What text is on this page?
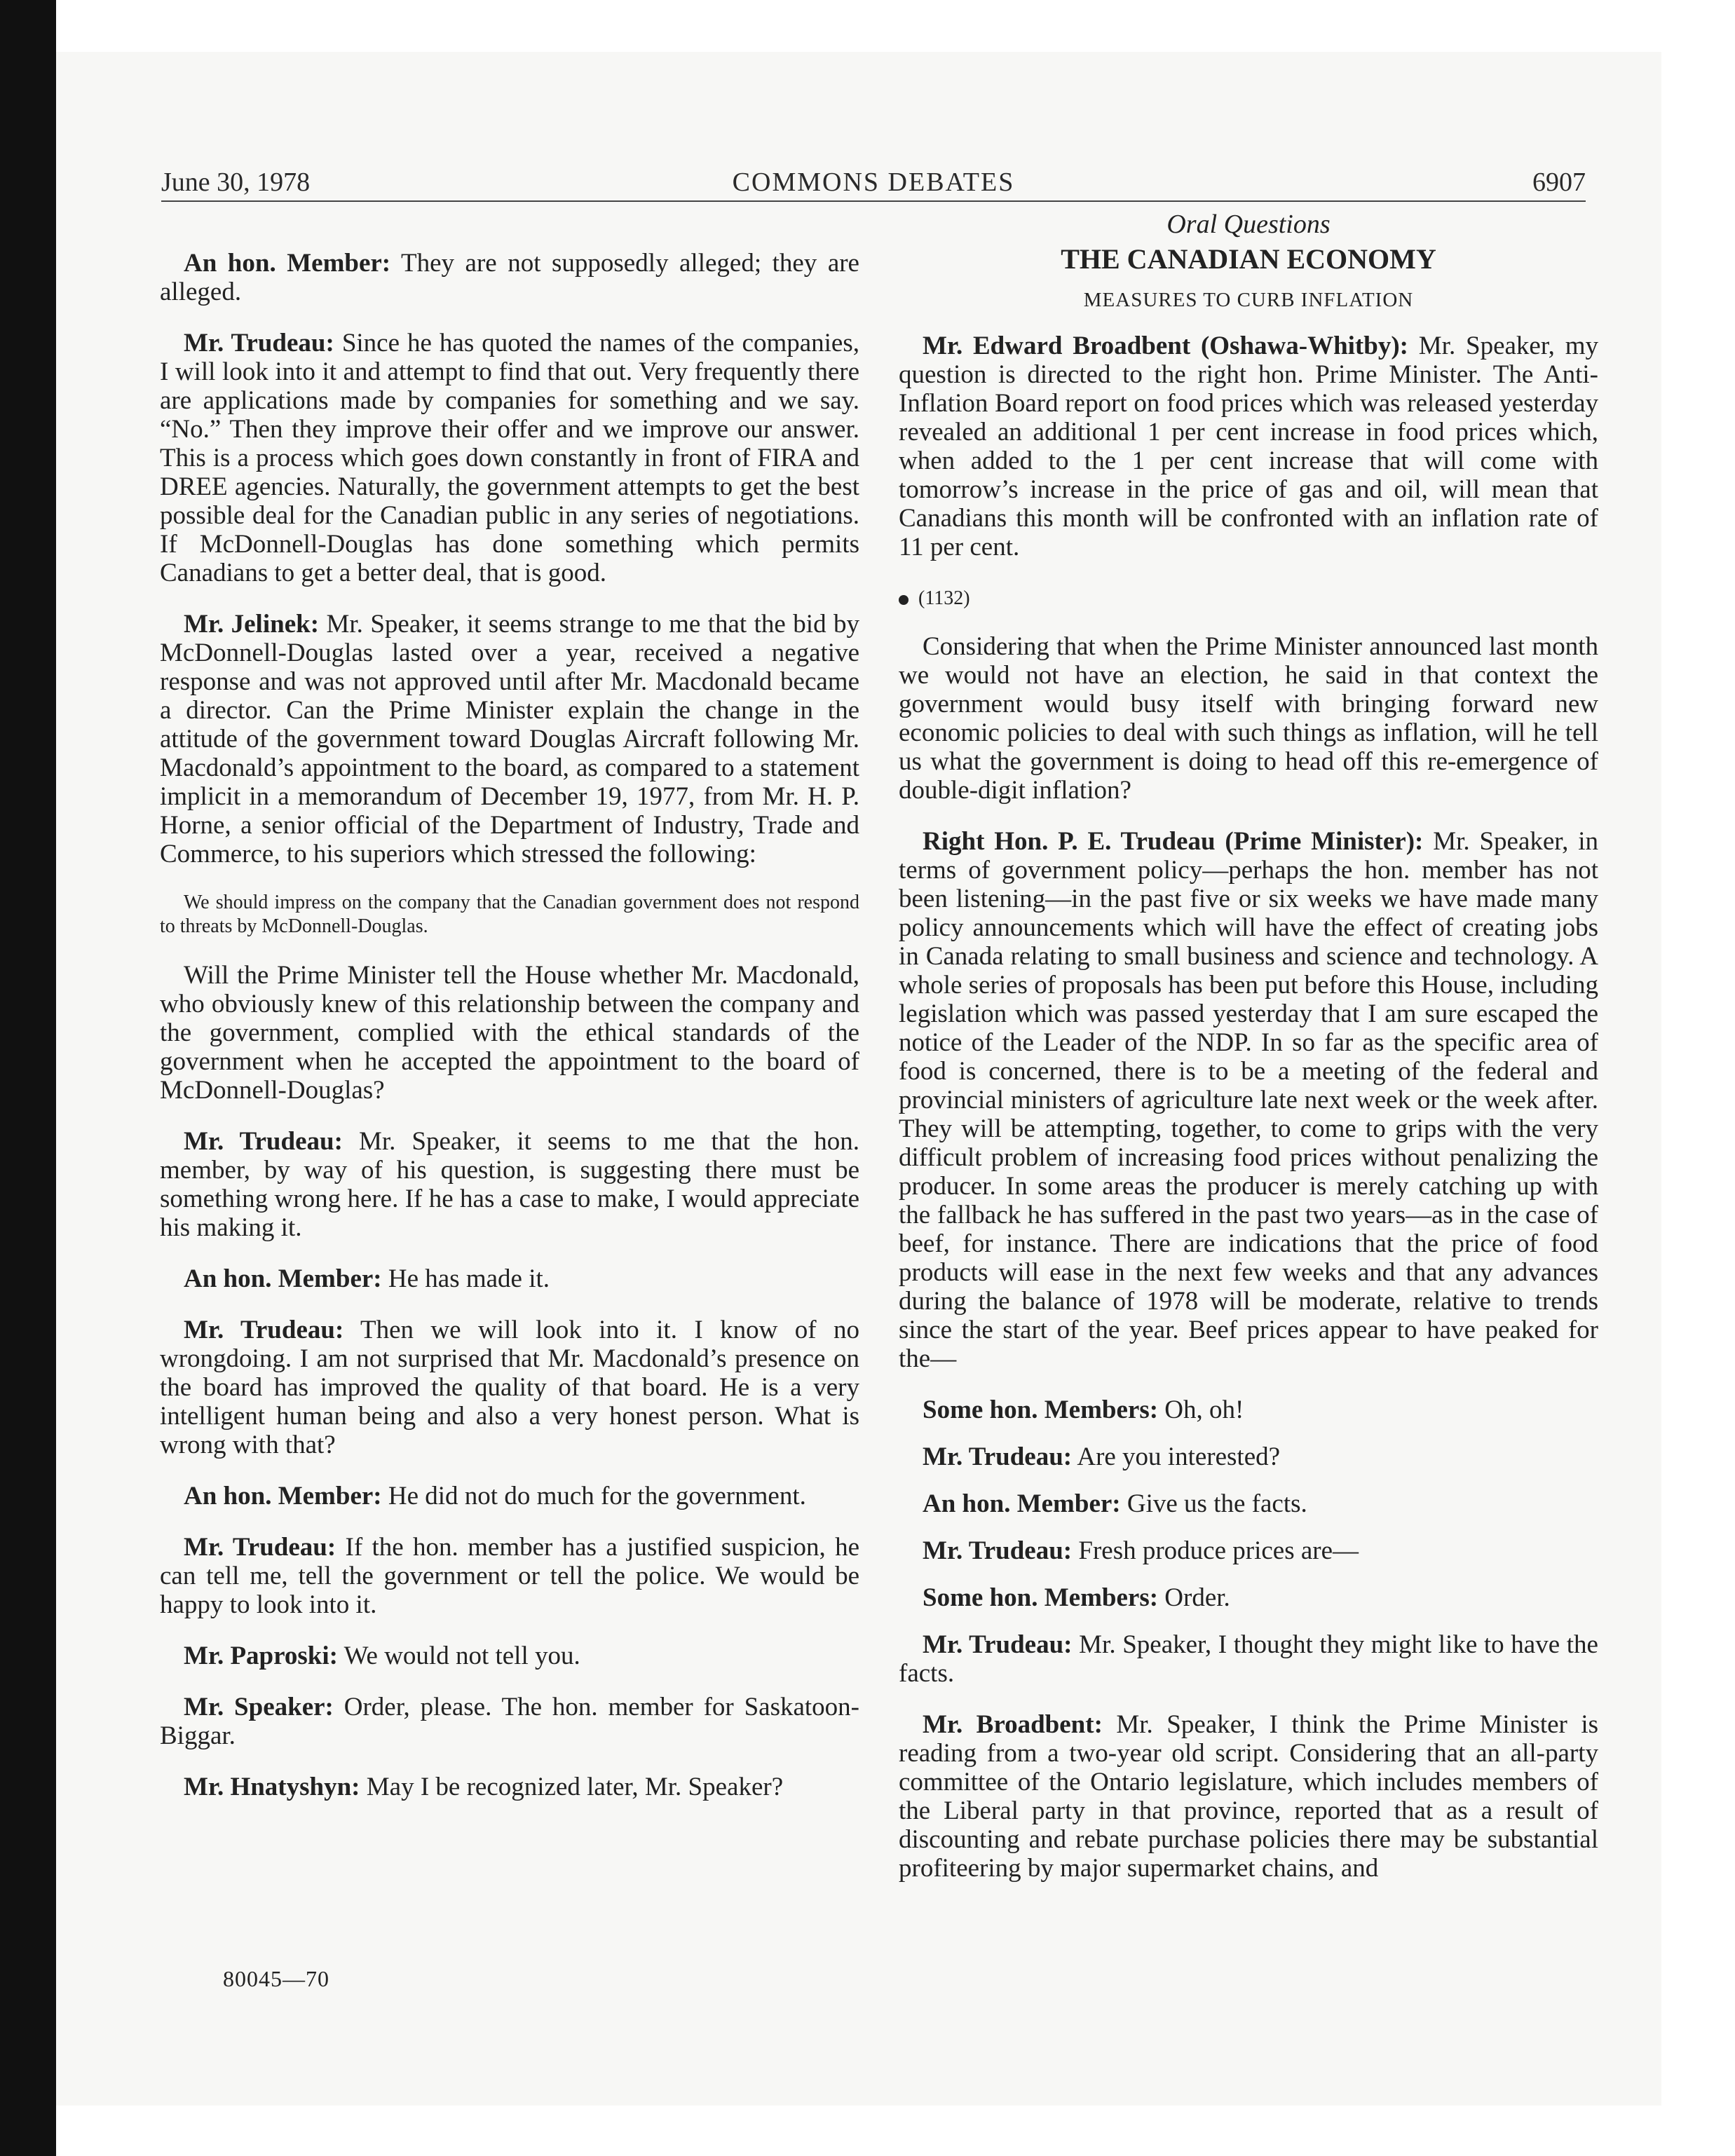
June 30, 1978	COMMONS DEBATES	6907

An hon. Member: They are not supposedly alleged; they are alleged.

Mr. Trudeau: Since he has quoted the names of the companies, I will look into it and attempt to find that out. Very frequently there are applications made by companies for something and we say. “No.” Then they improve their offer and we improve our answer. This is a process which goes down constantly in front of FIRA and DREE agencies. Naturally, the government attempts to get the best possible deal for the Canadian public in any series of negotiations. If McDonnell-Douglas has done something which permits Canadians to get a better deal, that is good.

Mr. Jelinek: Mr. Speaker, it seems strange to me that the bid by McDonnell-Douglas lasted over a year, received a negative response and was not approved until after Mr. Macdonald became a director. Can the Prime Minister explain the change in the attitude of the government toward Douglas Aircraft following Mr. Macdonald’s appointment to the board, as compared to a statement implicit in a memorandum of December 19, 1977, from Mr. H. P. Horne, a senior official of the Department of Industry, Trade and Commerce, to his superiors which stressed the following:

We should impress on the company that the Canadian government does not respond to threats by McDonnell-Douglas.

Will the Prime Minister tell the House whether Mr. Macdonald, who obviously knew of this relationship between the company and the government, complied with the ethical standards of the government when he accepted the appointment to the board of McDonnell-Douglas?

Mr. Trudeau: Mr. Speaker, it seems to me that the hon. member, by way of his question, is suggesting there must be something wrong here. If he has a case to make, I would appreciate his making it.

An hon. Member: He has made it.

Mr. Trudeau: Then we will look into it. I know of no wrongdoing. I am not surprised that Mr. Macdonald’s presence on the board has improved the quality of that board. He is a very intelligent human being and also a very honest person. What is wrong with that?

An hon. Member: He did not do much for the government.

Mr. Trudeau: If the hon. member has a justified suspicion, he can tell me, tell the government or tell the police. We would be happy to look into it.

Mr. Paproski: We would not tell you.

Mr. Speaker: Order, please. The hon. member for Saskatoon-Biggar.

Mr. Hnatyshyn: May I be recognized later, Mr. Speaker?

Oral Questions

THE CANADIAN ECONOMY

MEASURES TO CURB INFLATION

Mr. Edward Broadbent (Oshawa-Whitby): Mr. Speaker, my question is directed to the right hon. Prime Minister. The Anti-Inflation Board report on food prices which was released yesterday revealed an additional 1 per cent increase in food prices which, when added to the 1 per cent increase that will come with tomorrow’s increase in the price of gas and oil, will mean that Canadians this month will be confronted with an inflation rate of 11 per cent.

(1132)

Considering that when the Prime Minister announced last month we would not have an election, he said in that context the government would busy itself with bringing forward new economic policies to deal with such things as inflation, will he tell us what the government is doing to head off this re-emergence of double-digit inflation?

Right Hon. P. E. Trudeau (Prime Minister): Mr. Speaker, in terms of government policy—perhaps the hon. member has not been listening—in the past five or six weeks we have made many policy announcements which will have the effect of creating jobs in Canada relating to small business and science and technology. A whole series of proposals has been put before this House, including legislation which was passed yesterday that I am sure escaped the notice of the Leader of the NDP. In so far as the specific area of food is concerned, there is to be a meeting of the federal and provincial ministers of agriculture late next week or the week after. They will be attempting, together, to come to grips with the very difficult problem of increasing food prices without penalizing the producer. In some areas the producer is merely catching up with the fallback he has suffered in the past two years—as in the case of beef, for instance. There are indications that the price of food products will ease in the next few weeks and that any advances during the balance of 1978 will be moderate, relative to trends since the start of the year. Beef prices appear to have peaked for the—

Some hon. Members: Oh, oh!

Mr. Trudeau: Are you interested?

An hon. Member: Give us the facts.

Mr. Trudeau: Fresh produce prices are—

Some hon. Members: Order.

Mr. Trudeau: Mr. Speaker, I thought they might like to have the facts.

Mr. Broadbent: Mr. Speaker, I think the Prime Minister is reading from a two-year old script. Considering that an all-party committee of the Ontario legislature, which includes members of the Liberal party in that province, reported that as a result of discounting and rebate purchase policies there may be substantial profiteering by major supermarket chains, and

80045—70
